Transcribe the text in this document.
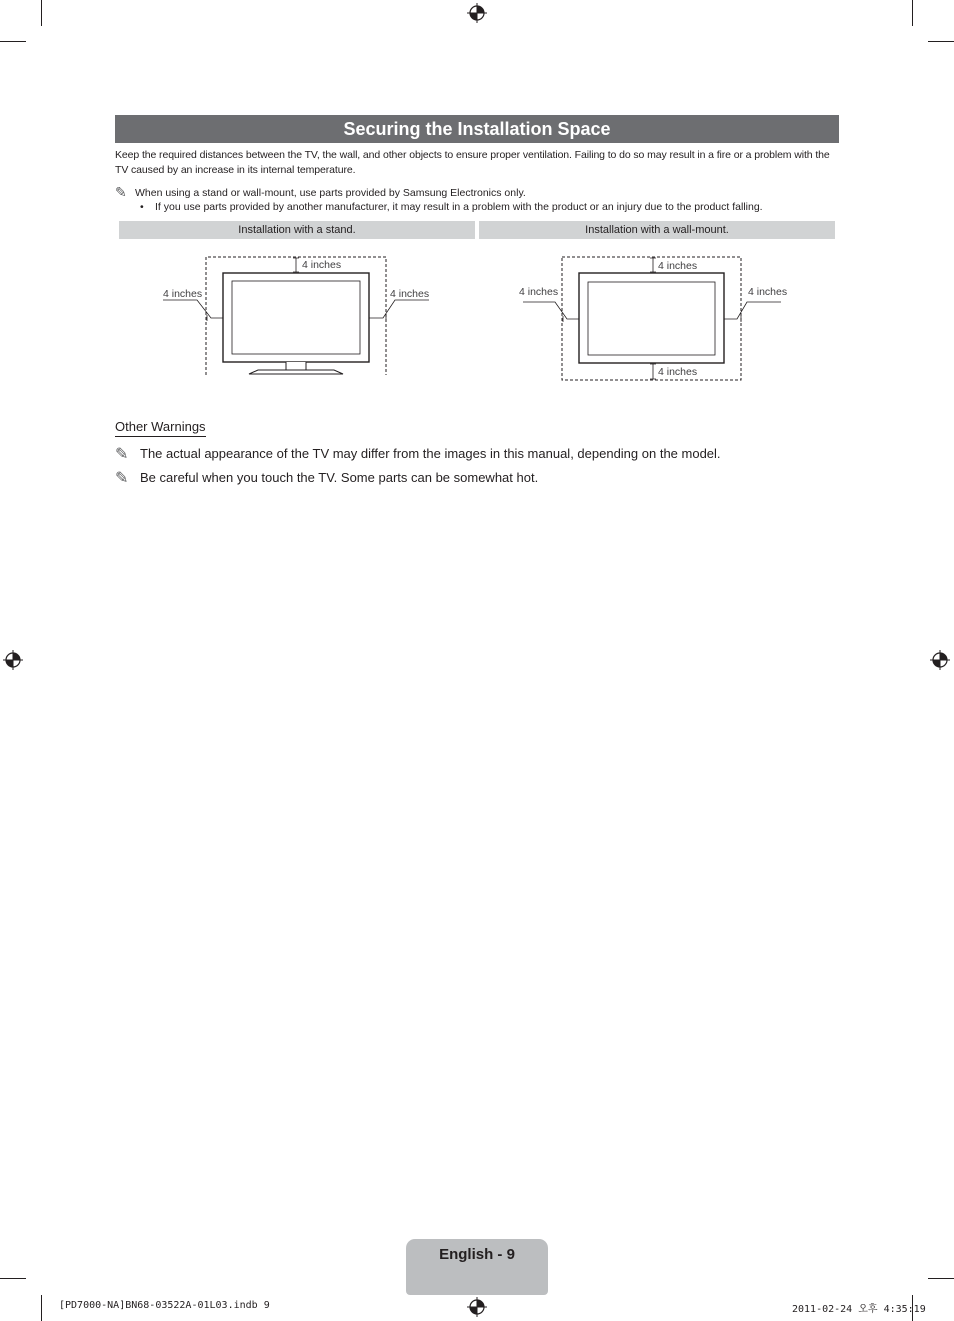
Securing the Installation Space
Keep the required distances between the TV, the wall, and other objects to ensure proper ventilation. Failing to do so may result in a fire or a problem with the TV caused by an increase in its internal temperature.
✎ When using a stand or wall-mount, use parts provided by Samsung Electronics only.
• If you use parts provided by another manufacturer, it may result in a problem with the product or an injury due to the product falling.
Installation with a stand.	Installation with a wall-mount.
4 inches
4 inches	4 inches
4 inches
4 inches	4 inches
4 inches
Other Warnings
✎ The actual appearance of the TV may differ from the images in this manual, depending on the model.
✎ Be careful when you touch the TV. Some parts can be somewhat hot.
English - 9
[PD7000-NA]BN68-03522A-01L03.indb 9	2011-02-24 오후 4:35:19
